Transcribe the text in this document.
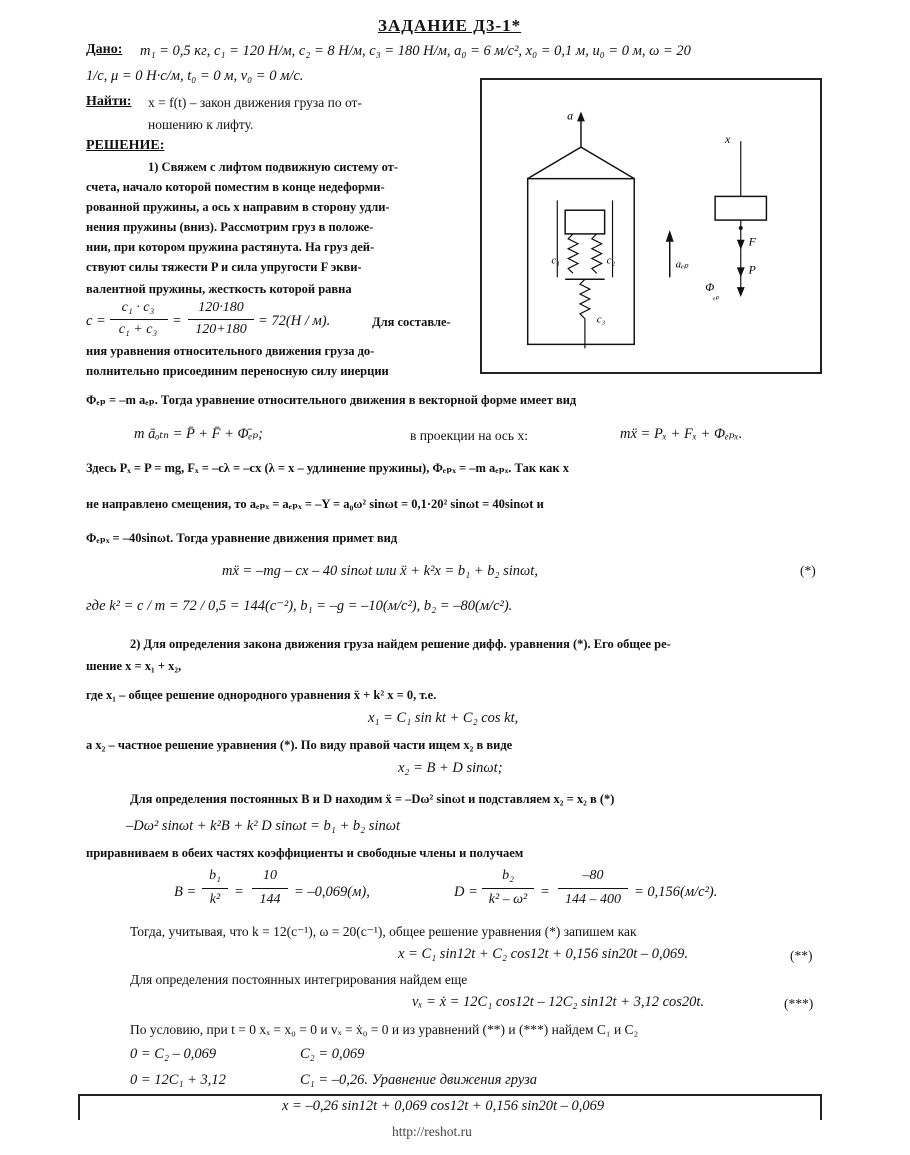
ЗАДАНИЕ Д3-1*
Дано: m₁ = 0,5 кг, c₁ = 120 Н/м, c₂ = 8 Н/м, c₃ = 180 Н/м, a₀ = 6 м/с², x₀ = 0,1 м, u₀ = 0 м, ω = 20
1/с, μ = 0 Н·с/м, t₀ = 0 м, v₀ = 0 м/с.
Найти: x = f(t) – закон движения груза по от-
ношению к лифту.
РЕШЕНИЕ:
1) Свяжем с лифтом подвижную систему от-
счета, начало которой поместим в конце недеформи-
рованной пружины, а ось x направим в сторону удли-
нения пружины (вниз). Рассмотрим груз в положе-
нии, при котором пружина растянута. На груз дей-
ствуют силы тяжести P и сила упругости F экви-
валентной пружины, жесткость которой равна
c =
c₁ · c₃
c₁ + c₃
=
120·180
120+180
= 72(H / м).	Для составле-
ния уравнения относительного движения груза до-
полнительно присоединим переносную силу инерции
Φₑₚ = –m aₑₚ. Тогда уравнение относительного движения в векторной форме имеет вид
m āₒₜₙ = P̄ + F̄ + Φ̄ₑₚ;	в проекции на ось x:	mẍ = Pₓ + Fₓ + Φₑₚₓ.
Здесь Pₓ = P = mg, Fₓ = –cλ = –cx (λ = x – удлинение пружины), Φₑₚₓ = –m aₑₚₓ. Так как x
не направлено смещения, то aₑₚₓ = aₑₚₓ = –Y = a₀ω² sinωt = 0,1·20² sinωt = 40sinωt и
Φₑₚₓ = –40sinωt. Тогда уравнение движения примет вид
mẍ = –mg – cx – 40 sinωt или ẍ + k²x = b₁ + b₂ sinωt,	(*)
где k² = c / m = 72 / 0,5 = 144(с⁻²), b₁ = –g = –10(м/с²), b₂ = –80(м/с²).
2) Для определения закона движения груза найдем решение дифф. уравнения (*). Его общее ре-
шение x = x₁ + x₂,
где x₁ – общее решение однородного уравнения ẍ + k² x = 0, т.е.
x₁ = C₁ sin kt + C₂ cos kt,
а x₂ – частное решение уравнения (*). По виду правой части ищем x₂ в виде
x₂ = B + D sinωt;
Для определения постоянных B и D находим ẍ = –Dω² sinωt и подставляем x₂ = x₂ в (*)
–Dω² sinωt + k²B + k² D sinωt = b₁ + b₂ sinωt
приравниваем в обеих частях коэффициенты и свободные члены и получаем
B =
b₁
k² =
10
144 = –0,069(м),	D =
b₂
k² – ω² =
–80
144 – 400 = 0,156(м/с²).
Тогда, учитывая, что k = 12(с⁻¹), ω = 20(с⁻¹), общее решение уравнения (*) запишем как
x = C₁ sin12t + C₂ cos12t + 0,156 sin20t – 0,069.	(**)
Для определения постоянных интегрирования найдем еще
vₓ = ẋ = 12C₁ cos12t – 12C₂ sin12t + 3,12 cos20t.	(***)
По условию, при t = 0 xₓ = x₀ = 0 и vₓ = ẋ₀ = 0 и из уравнений (**) и (***) найдем C₁ и C₂
0 = C₂ – 0,069	C₂ = 0,069
0 = 12C₁ + 3,12	C₁ = –0,26. Уравнение движения груза
x = –0,26 sin12t + 0,069 cos12t + 0,156 sin20t – 0,069
http://reshot.ru
a
c₁	c₂
c₃
aₑₚ
x
F
P
Φ
ₑₚ
